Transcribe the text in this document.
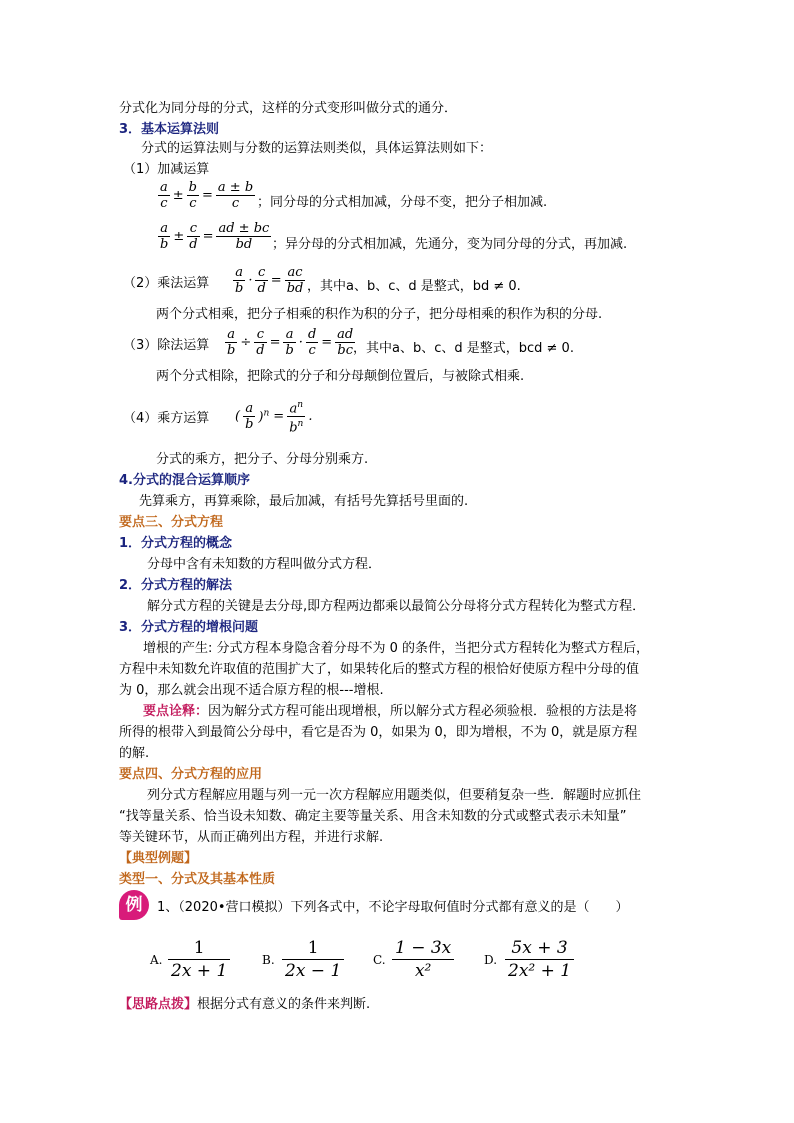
分式化为同分母的分式，这样的分式变形叫做分式的通分．
3．基本运算法则
分式的运算法则与分数的运算法则类似，具体运算法则如下：
（1）加减运算
$\frac{a}{c} \pm \frac{b}{c} = \frac{a \pm b}{c}$ ；同分母的分式相加减，分母不变，把分子相加减.
$\frac{a}{b} \pm \frac{c}{d} = \frac{ad \pm bc}{bd}$ ；异分母的分式相加减，先通分，变为同分母的分式，再加减.
（2）乘法运算 $\frac{a}{b} \cdot \frac{c}{d} = \frac{ac}{bd}$ ，其中a、b、c、d 是整式，bd ≠ 0.
两个分式相乘，把分子相乘的积作为积的分子，把分母相乘的积作为积的分母.
（3）除法运算 $\frac{a}{b} \div \frac{c}{d} = \frac{a}{b} \cdot \frac{d}{c} = \frac{ad}{bc}$
，其中a、b、c、d 是整式，bcd ≠ 0.
两个分式相除，把除式的分子和分母颠倒位置后，与被除式相乘.
（4）乘方运算 ( $\frac{a}{b} )^n = \frac{a^n}{b^n}$ .
分式的乘方，把分子、分母分别乘方.
4.分式的混合运算顺序
先算乘方，再算乘除，最后加减，有括号先算括号里面的.
要点三、分式方程
1．分式方程的概念
分母中含有未知数的方程叫做分式方程．
2．分式方程的解法
解分式方程的关键是去分母,即方程两边都乘以最简公分母将分式方程转化为整式方程．
3．分式方程的增根问题
增根的产生: 分式方程本身隐含着分母不为 0 的条件，当把分式方程转化为整式方程后，
方程中未知数允许取值的范围扩大了，如果转化后的整式方程的根恰好使原方程中分母的值
为 0，那么就会出现不适合原方程的根---增根.
要点诠释：因为解分式方程可能出现增根，所以解分式方程必须验根．验根的方法是将
所得的根带入到最简公分母中，看它是否为 0，如果为 0，即为增根，不为 0，就是原方程
的解.
要点四、分式方程的应用
列分式方程解应用题与列一元一次方程解应用题类似，但要稍复杂一些．解题时应抓住
“找等量关系、恰当设未知数、确定主要等量关系、用含未知数的分式或整式表示未知量”
等关键环节，从而正确列出方程，并进行求解.
【典型例题】
类型一、分式及其基本性质
例	1、（2020•营口模拟）下列各式中，不论字母取何值时分式都有意义的是（　　）
A. $\frac{1}{2x + 1}$	B. $\frac{1}{2x - 1} C$. $\frac{1 - 3x}{\text{x²}} D$. $\frac{5x + 3}{\text{2x² + 1}}$
【思路点拨】根据分式有意义的条件来判断.
